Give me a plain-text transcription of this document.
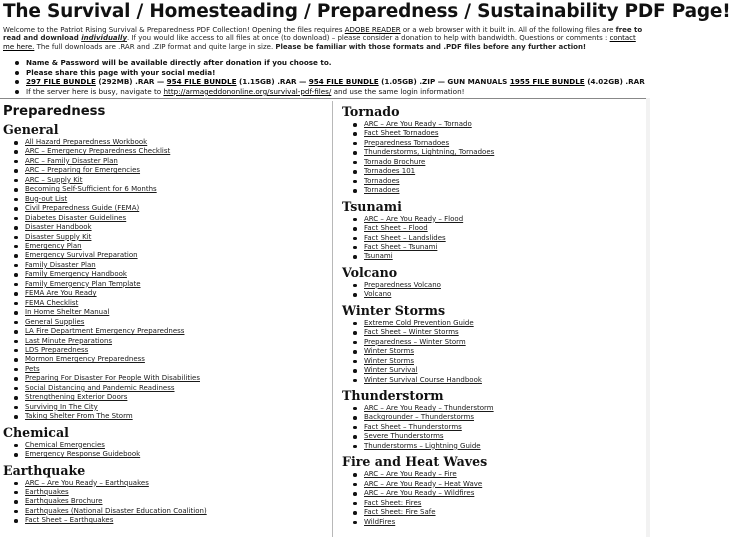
The Survival / Homesteading / Preparedness / Sustainability PDF Page!
Welcome to the Patriot Rising Survival & Preparedness PDF Collection! Opening the files requires ADOBE READER or a web browser with it built in. All of the following files are free to read and download individually. If you would like access to all files at once (to download) – please consider a donation to help with bandwidth. Questions or comments : contact me here. The full downloads are .RAR and .ZIP format and quite large in size. Please be familiar with those formats and .PDF files before any further action!
Name & Password will be available directly after donation if you choose to.
Please share this page with your social media!
297 FILE BUNDLE (292MB) .RAR — 954 FILE BUNDLE (1.15GB) .RAR — 954 FILE BUNDLE (1.05GB) .ZIP — GUN MANUALS 1955 FILE BUNDLE (4.02GB) .RAR
If the server here is busy, navigate to http://armageddononline.org/survival-pdf-files/ and use the same login information!
Preparedness
General
All Hazard Preparedness Workbook
ARC – Emergency Preparedness Checklist
ARC – Family Disaster Plan
ARC – Preparing for Emergencies
ARC – Supply Kit
Becoming Self-Sufficient for 6 Months
Bug-out List
Civil Preparedness Guide (FEMA)
Diabetes Disaster Guidelines
Disaster Handbook
Disaster Supply Kit
Emergency Plan
Emergency Survival Preparation
Family Disaster Plan
Family Emergency Handbook
Family Emergency Plan Template
FEMA Are You Ready
FEMA Checklist
In Home Shelter Manual
General Supplies
LA Fire Department Emergency Preparedness
Last Minute Preparations
LDS Preparedness
Mormon Emergency Preparedness
Pets
Preparing For Disaster For People With Disabilities
Social Distancing and Pandemic Readiness
Strengthening Exterior Doors
Surviving In The City
Taking Shelter From The Storm
Chemical
Chemical Emergencies
Emergency Response Guidebook
Earthquake
ARC – Are You Ready – Earthquakes
Earthquakes
Earthquakes Brochure
Earthquakes (National Disaster Education Coalition)
Fact Sheet – Earthquakes
Tornado
ARC – Are You Ready – Tornado
Fact Sheet Tornadoes
Preparedness Tornadoes
Thunderstorms, Lightning, Tornadoes
Tornado Brochure
Tornadoes 101
Tornadoes
Tornadoes
Tsunami
ARC – Are You Ready – Flood
Fact Sheet – Flood
Fact Sheet – Landslides
Fact Sheet – Tsunami
Tsunami
Volcano
Preparedness Volcano
Volcano
Winter Storms
Extreme Cold Prevention Guide
Fact Sheet – Winter Storms
Preparedness – Winter Storm
Winter Storms
Winter Storms
Winter Survival
Winter Survival Course Handbook
Thunderstorm
ARC – Are You Ready – Thunderstorm
Backgrounder – Thunderstorms
Fact Sheet – Thunderstorms
Severe Thunderstorms
Thunderstorms – Lightning Guide
Fire and Heat Waves
ARC – Are You Ready – Fire
ARC – Are You Ready – Heat Wave
ARC – Are You Ready – Wildfires
Fact Sheet: Fires
Fact Sheet: Fire Safe
WildFires
